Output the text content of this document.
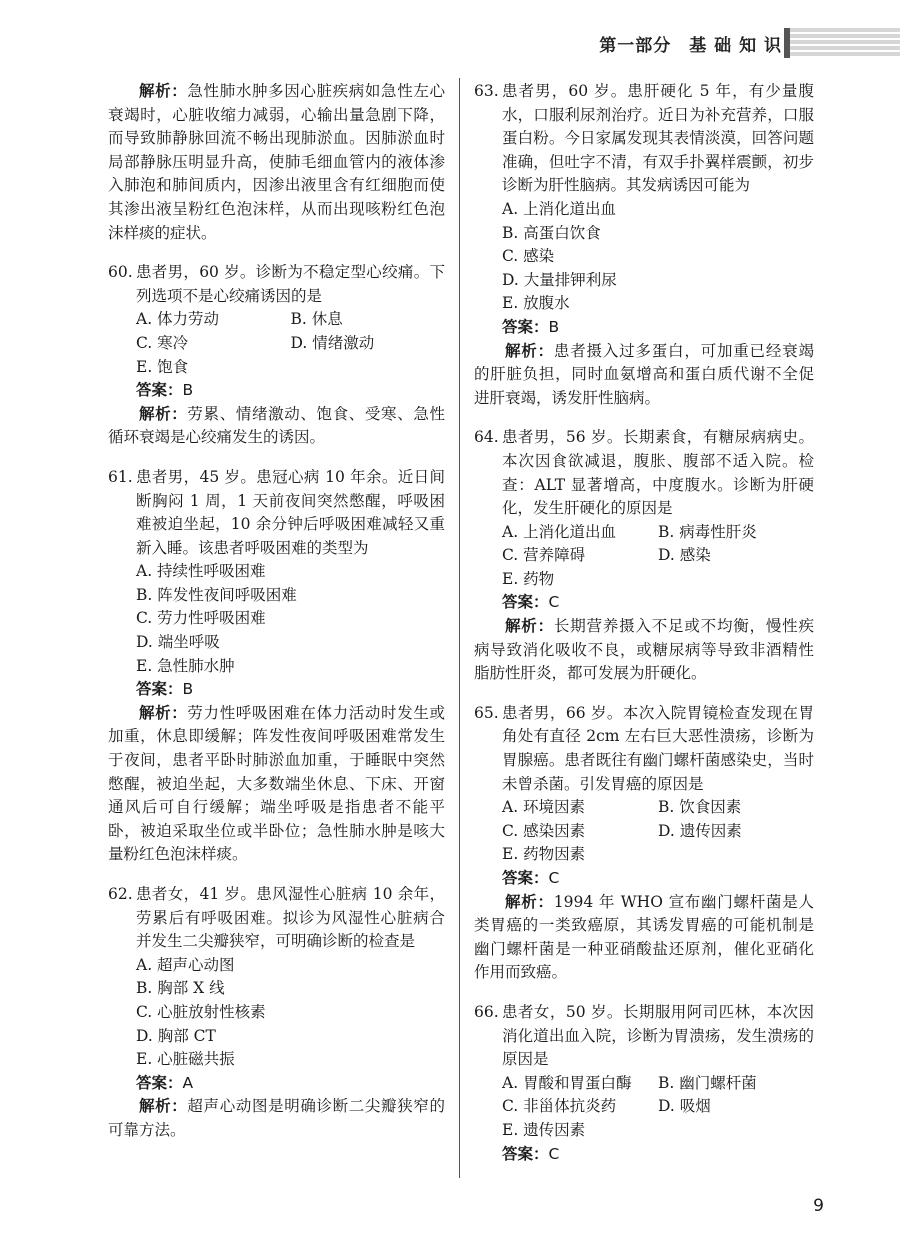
第一部分　基 础 知 识
解析：急性肺水肿多因心脏疾病如急性左心衰竭时，心脏收缩力减弱，心输出量急剧下降，而导致肺静脉回流不畅出现肺淤血。因肺淤血时局部静脉压明显升高，使肺毛细血管内的液体渗入肺泡和肺间质内，因渗出液里含有红细胞而使其渗出液呈粉红色泡沫样，从而出现咳粉红色泡沫样痰的症状。
60. 患者男，60 岁。诊断为不稳定型心绞痛。下列选项不是心绞痛诱因的是
A. 体力劳动	B. 休息
C. 寒冷	D. 情绪激动
E. 饱食
答案：B
解析：劳累、情绪激动、饱食、受寒、急性循环衰竭是心绞痛发生的诱因。
61. 患者男，45 岁。患冠心病 10 年余。近日间断胸闷 1 周，1 天前夜间突然憋醒，呼吸困难被迫坐起，10 余分钟后呼吸困难减轻又重新入睡。该患者呼吸困难的类型为
A. 持续性呼吸困难
B. 阵发性夜间呼吸困难
C. 劳力性呼吸困难
D. 端坐呼吸
E. 急性肺水肿
答案：B
解析：劳力性呼吸困难在体力活动时发生或加重，休息即缓解；阵发性夜间呼吸困难常发生于夜间，患者平卧时肺淤血加重，于睡眠中突然憋醒，被迫坐起，大多数端坐休息、下床、开窗通风后可自行缓解；端坐呼吸是指患者不能平卧，被迫采取坐位或半卧位；急性肺水肿是咳大量粉红色泡沫样痰。
62. 患者女，41 岁。患风湿性心脏病 10 余年，劳累后有呼吸困难。拟诊为风湿性心脏病合并发生二尖瓣狭窄，可明确诊断的检查是
A. 超声心动图
B. 胸部 X 线
C. 心脏放射性核素
D. 胸部 CT
E. 心脏磁共振
答案：A
解析：超声心动图是明确诊断二尖瓣狭窄的可靠方法。
63. 患者男，60 岁。患肝硬化 5 年，有少量腹水，口服利尿剂治疗。近日为补充营养，口服蛋白粉。今日家属发现其表情淡漠，回答问题准确，但吐字不清，有双手扑翼样震颤，初步诊断为肝性脑病。其发病诱因可能为
A. 上消化道出血
B. 高蛋白饮食
C. 感染
D. 大量排钾利尿
E. 放腹水
答案：B
解析：患者摄入过多蛋白，可加重已经衰竭的肝脏负担，同时血氨增高和蛋白质代谢不全促进肝衰竭，诱发肝性脑病。
64. 患者男，56 岁。长期素食，有糖尿病病史。本次因食欲减退，腹胀、腹部不适入院。检查：ALT 显著增高，中度腹水。诊断为肝硬化，发生肝硬化的原因是
A. 上消化道出血	B. 病毒性肝炎
C. 营养障碍	D. 感染
E. 药物
答案：C
解析：长期营养摄入不足或不均衡，慢性疾病导致消化吸收不良，或糖尿病等导致非酒精性脂肪性肝炎，都可发展为肝硬化。
65. 患者男，66 岁。本次入院胃镜检查发现在胃角处有直径 2cm 左右巨大恶性溃疡，诊断为胃腺癌。患者既往有幽门螺杆菌感染史，当时未曾杀菌。引发胃癌的原因是
A. 环境因素	B. 饮食因素
C. 感染因素	D. 遗传因素
E. 药物因素
答案：C
解析：1994 年 WHO 宣布幽门螺杆菌是人类胃癌的一类致癌原，其诱发胃癌的可能机制是幽门螺杆菌是一种亚硝酸盐还原剂，催化亚硝化作用而致癌。
66. 患者女，50 岁。长期服用阿司匹林，本次因消化道出血入院，诊断为胃溃疡，发生溃疡的原因是
A. 胃酸和胃蛋白酶	B. 幽门螺杆菌
C. 非甾体抗炎药	D. 吸烟
E. 遗传因素
答案：C
9
